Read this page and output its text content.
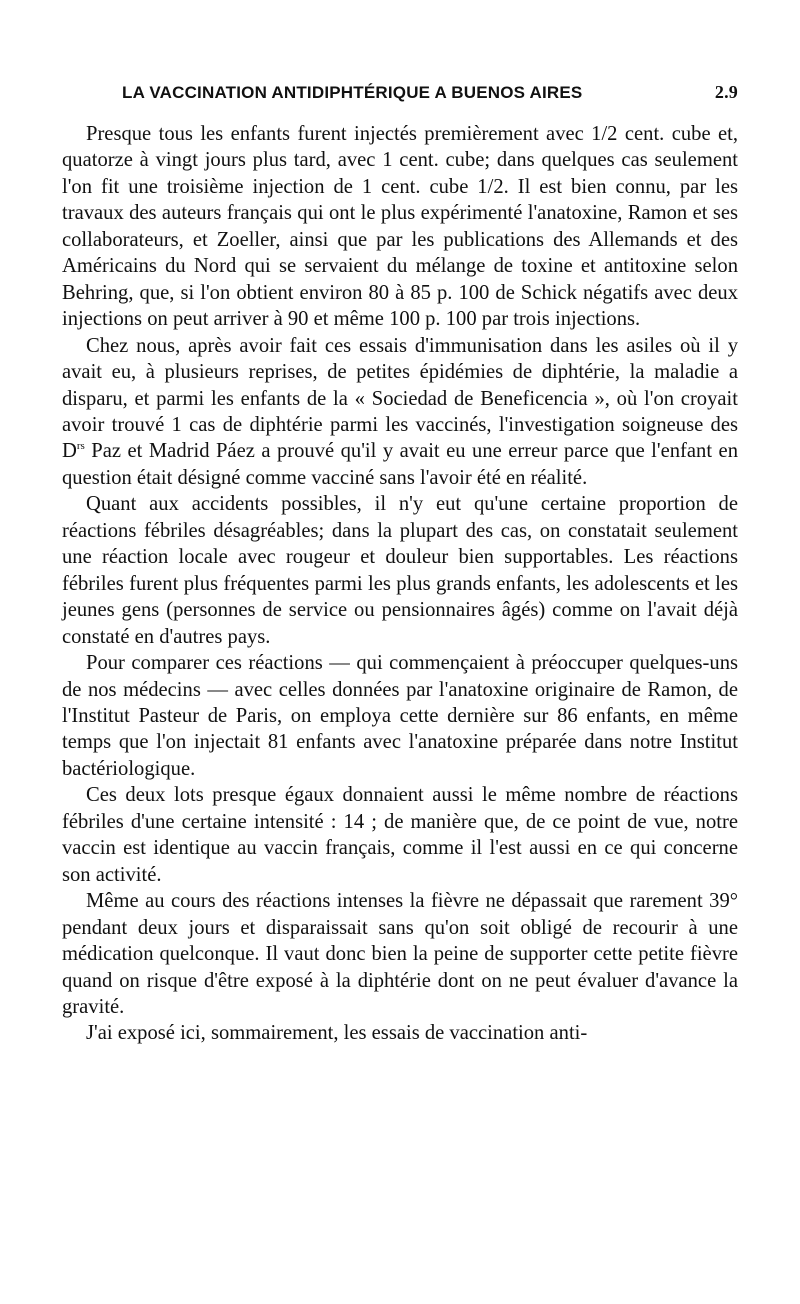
LA VACCINATION ANTIDIPHTÉRIQUE A BUENOS AIRES	2.9

Presque tous les enfants furent injectés premièrement avec 1/2 cent. cube et, quatorze à vingt jours plus tard, avec 1 cent. cube; dans quelques cas seulement l'on fit une troisième injection de 1 cent. cube 1/2. Il est bien connu, par les travaux des auteurs français qui ont le plus expérimenté l'anatoxine, Ramon et ses collaborateurs, et Zoeller, ainsi que par les publications des Allemands et des Américains du Nord qui se servaient du mélange de toxine et antitoxine selon Behring, que, si l'on obtient environ 80 à 85 p. 100 de Schick négatifs avec deux injections on peut arriver à 90 et même 100 p. 100 par trois injections.

Chez nous, après avoir fait ces essais d'immunisation dans les asiles où il y avait eu, à plusieurs reprises, de petites épidémies de diphtérie, la maladie a disparu, et parmi les enfants de la « Sociedad de Beneficencia », où l'on croyait avoir trouvé 1 cas de diphtérie parmi les vaccinés, l'investigation soigneuse des $D^{rs}$ Paz et Madrid Páez a prouvé qu'il y avait eu une erreur parce que l'enfant en question était désigné comme vacciné sans l'avoir été en réalité.

Quant aux accidents possibles, il n'y eut qu'une certaine proportion de réactions fébriles désagréables; dans la plupart des cas, on constatait seulement une réaction locale avec rougeur et douleur bien supportables. Les réactions fébriles furent plus fréquentes parmi les plus grands enfants, les adolescents et les jeunes gens (personnes de service ou pensionnaires âgés) comme on l'avait déjà constaté en d'autres pays.

Pour comparer ces réactions — qui commençaient à préoccuper quelques-uns de nos médecins — avec celles données par l'anatoxine originaire de Ramon, de l'Institut Pasteur de Paris, on employa cette dernière sur 86 enfants, en même temps que l'on injectait 81 enfants avec l'anatoxine préparée dans notre Institut bactériologique.

Ces deux lots presque égaux donnaient aussi le même nombre de réactions fébriles d'une certaine intensité : 14 ; de manière que, de ce point de vue, notre vaccin est identique au vaccin français, comme il l'est aussi en ce qui concerne son activité.

Même au cours des réactions intenses la fièvre ne dépassait que rarement 39° pendant deux jours et disparaissait sans qu'on soit obligé de recourir à une médication quelconque. Il vaut donc bien la peine de supporter cette petite fièvre quand on risque d'être exposé à la diphtérie dont on ne peut évaluer d'avance la gravité.

J'ai exposé ici, sommairement, les essais de vaccination anti-
